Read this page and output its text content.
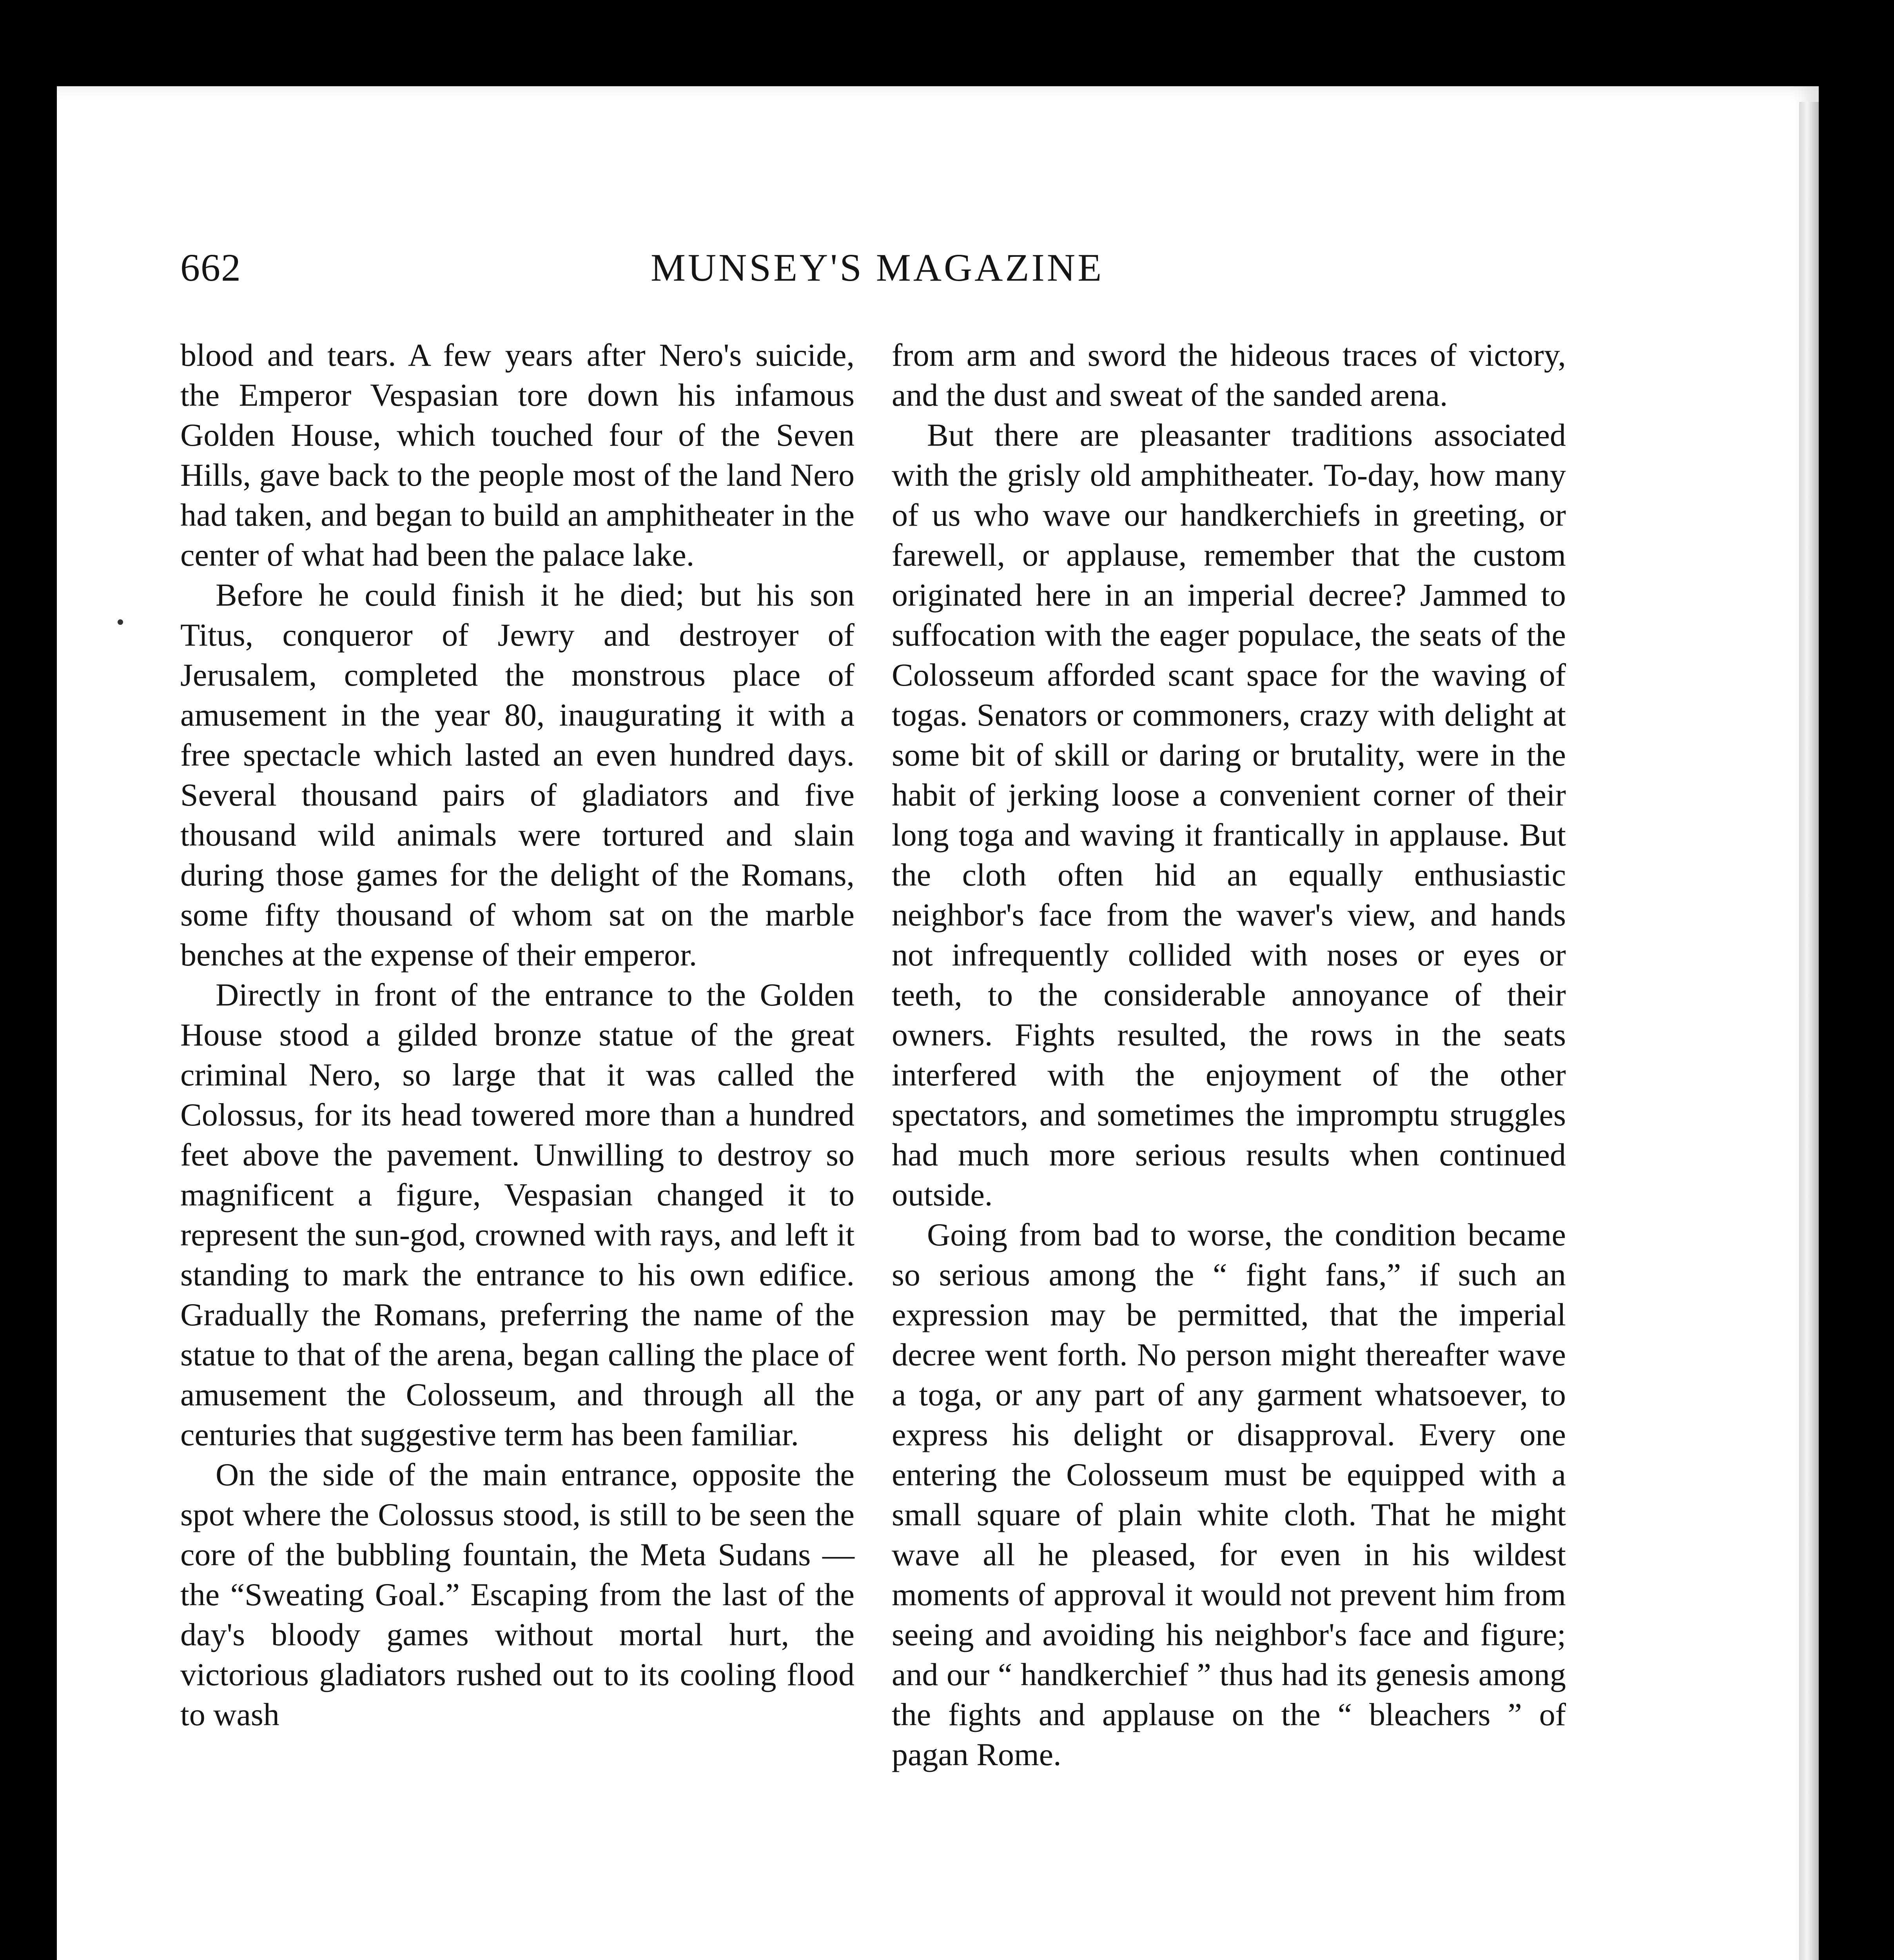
662	MUNSEY'S MAGAZINE

blood and tears. A few years after Nero's suicide, the Emperor Vespasian tore down his infamous Golden House, which touched four of the Seven Hills, gave back to the people most of the land Nero had taken, and began to build an amphitheater in the center of what had been the palace lake.

Before he could finish it he died; but his son Titus, conqueror of Jewry and destroyer of Jerusalem, completed the monstrous place of amusement in the year 80, inaugurating it with a free spectacle which lasted an even hundred days. Several thousand pairs of gladiators and five thousand wild animals were tortured and slain during those games for the delight of the Romans, some fifty thousand of whom sat on the marble benches at the expense of their emperor.

Directly in front of the entrance to the Golden House stood a gilded bronze statue of the great criminal Nero, so large that it was called the Colossus, for its head towered more than a hundred feet above the pavement. Unwilling to destroy so magnificent a figure, Vespasian changed it to represent the sun-god, crowned with rays, and left it standing to mark the entrance to his own edifice. Gradually the Romans, preferring the name of the statue to that of the arena, began calling the place of amusement the Colosseum, and through all the centuries that suggestive term has been familiar.

On the side of the main entrance, opposite the spot where the Colossus stood, is still to be seen the core of the bubbling fountain, the Meta Sudans — the “Sweating Goal.” Escaping from the last of the day's bloody games without mortal hurt, the victorious gladiators rushed out to its cooling flood to wash

from arm and sword the hideous traces of victory, and the dust and sweat of the sanded arena.

But there are pleasanter traditions associated with the grisly old amphitheater. To-day, how many of us who wave our handkerchiefs in greeting, or farewell, or applause, remember that the custom originated here in an imperial decree? Jammed to suffocation with the eager populace, the seats of the Colosseum afforded scant space for the waving of togas. Senators or commoners, crazy with delight at some bit of skill or daring or brutality, were in the habit of jerking loose a convenient corner of their long toga and waving it frantically in applause. But the cloth often hid an equally enthusiastic neighbor's face from the waver's view, and hands not infrequently collided with noses or eyes or teeth, to the considerable annoyance of their owners. Fights resulted, the rows in the seats interfered with the enjoyment of the other spectators, and sometimes the impromptu struggles had much more serious results when continued outside.

Going from bad to worse, the condition became so serious among the “ fight fans,” if such an expression may be permitted, that the imperial decree went forth. No person might thereafter wave a toga, or any part of any garment whatsoever, to express his delight or disapproval. Every one entering the Colosseum must be equipped with a small square of plain white cloth. That he might wave all he pleased, for even in his wildest moments of approval it would not prevent him from seeing and avoiding his neighbor's face and figure; and our “ handkerchief ” thus had its genesis among the fights and applause on the “ bleachers ” of pagan Rome.
